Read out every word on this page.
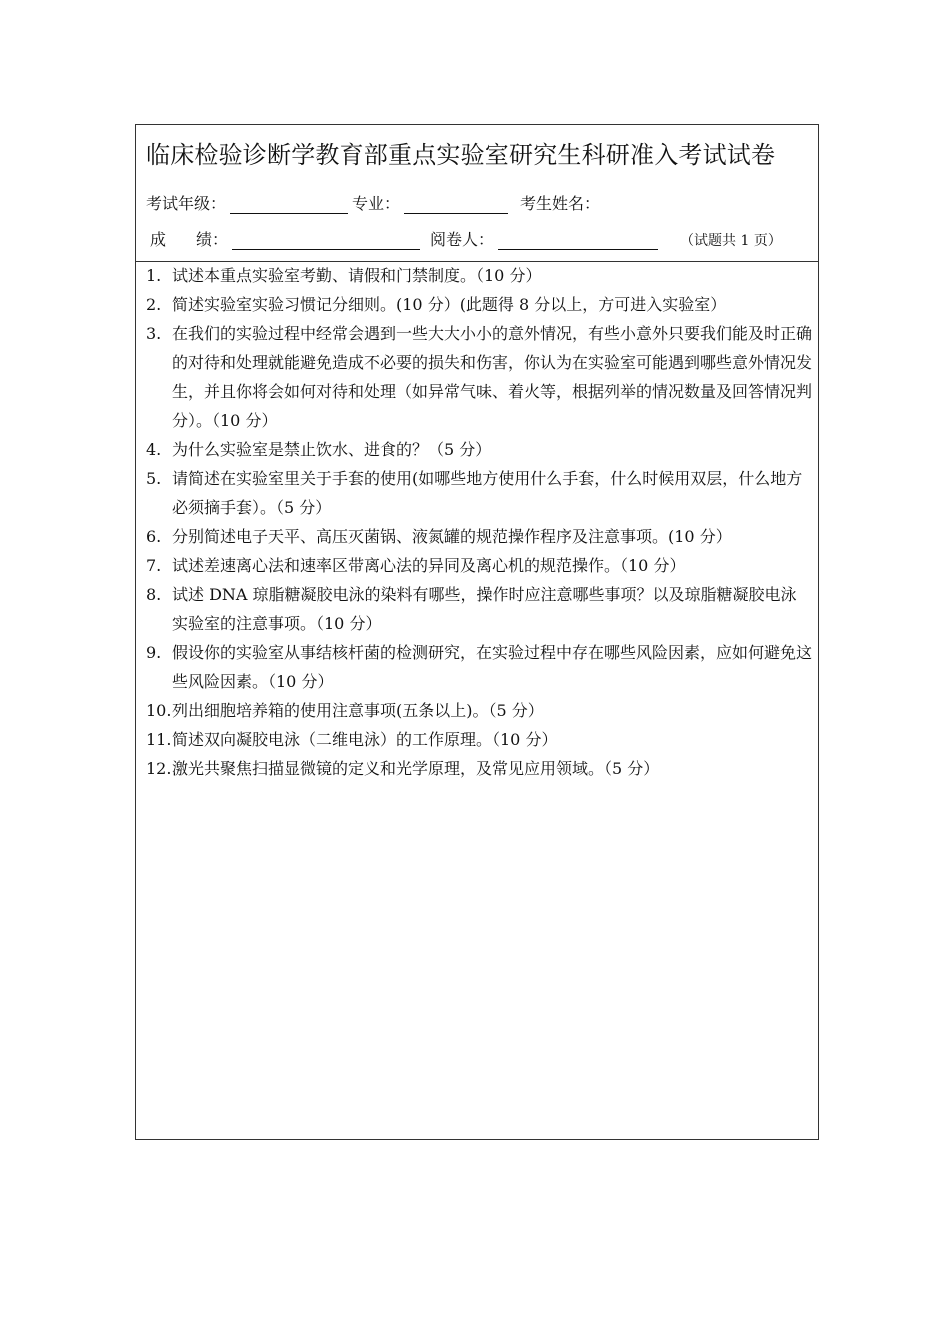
临床检验诊断学教育部重点实验室研究生科研准入考试试卷
考试年级：	专业：	考生姓名：
成 绩：	阅卷人：	（试题共 1 页）
1. 试述本重点实验室考勤、请假和门禁制度。（10 分）
2. 简述实验室实验习惯记分细则。(10 分）(此题得 8 分以上，方可进入实验室）
3. 在我们的实验过程中经常会遇到一些大大小小的意外情况，有些小意外只要我们能及时正确的对待和处理就能避免造成不必要的损失和伤害，你认为在实验室可能遇到哪些意外情况发生，并且你将会如何对待和处理（如异常气味、着火等，根据列举的情况数量及回答情况判分）。（10 分）
4. 为什么实验室是禁止饮水、进食的？（5 分）
5. 请简述在实验室里关于手套的使用(如哪些地方使用什么手套，什么时候用双层，什么地方必须摘手套）。（5 分）
6. 分别简述电子天平、高压灭菌锅、液氮罐的规范操作程序及注意事项。(10 分）
7. 试述差速离心法和速率区带离心法的异同及离心机的规范操作。（10 分）
8. 试述 DNA 琼脂糖凝胶电泳的染料有哪些，操作时应注意哪些事项？以及琼脂糖凝胶电泳实验室的注意事项。（10 分）
9. 假设你的实验室从事结核杆菌的检测研究，在实验过程中存在哪些风险因素，应如何避免这些风险因素。（10 分）
10. 列出细胞培养箱的使用注意事项(五条以上)。（5 分）
11. 简述双向凝胶电泳（二维电泳）的工作原理。（10 分）
12. 激光共聚焦扫描显微镜的定义和光学原理，及常见应用领域。（5 分）
